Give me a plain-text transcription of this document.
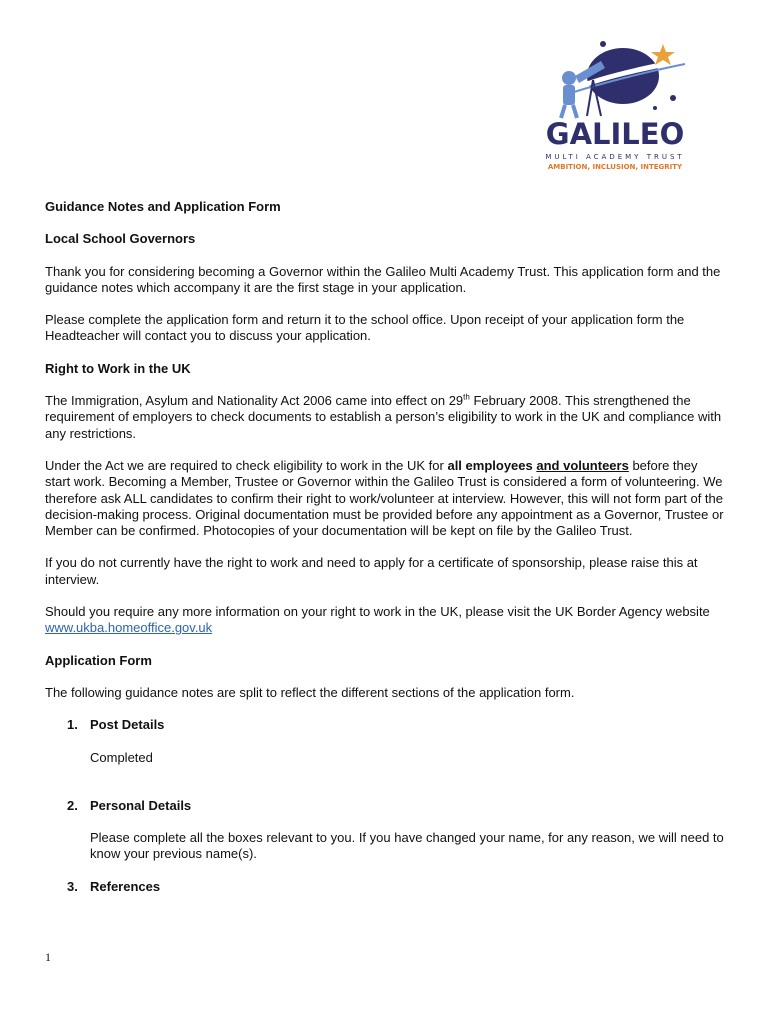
GALILEO
MULTI ACADEMY TRUST
AMBITION, INCLUSION, INTEGRITY

Guidance Notes and Application Form

Local School Governors

Thank you for considering becoming a Governor within the Galileo Multi Academy Trust. This application form and the guidance notes which accompany it are the first stage in your application.

Please complete the application form and return it to the school office. Upon receipt of your application form the Headteacher will contact you to discuss your application.

Right to Work in the UK

The Immigration, Asylum and Nationality Act 2006 came into effect on 29th February 2008. This strengthened the requirement of employers to check documents to establish a person’s eligibility to work in the UK and compliance with any restrictions.

Under the Act we are required to check eligibility to work in the UK for all employees and volunteers before they start work. Becoming a Member, Trustee or Governor within the Galileo Trust is considered a form of volunteering. We therefore ask ALL candidates to confirm their right to work/volunteer at interview. However, this will not form part of the decision-making process. Original documentation must be provided before any appointment as a Governor, Trustee or Member can be confirmed. Photocopies of your documentation will be kept on file by the Galileo Trust.

If you do not currently have the right to work and need to apply for a certificate of sponsorship, please raise this at interview.

Should you require any more information on your right to work in the UK, please visit the UK Border Agency website www.ukba.homeoffice.gov.uk

Application Form

The following guidance notes are split to reflect the different sections of the application form.

1. Post Details
Completed
2. Personal Details
Please complete all the boxes relevant to you. If you have changed your name, for any reason, we will need to know your previous name(s).
3. References
1
